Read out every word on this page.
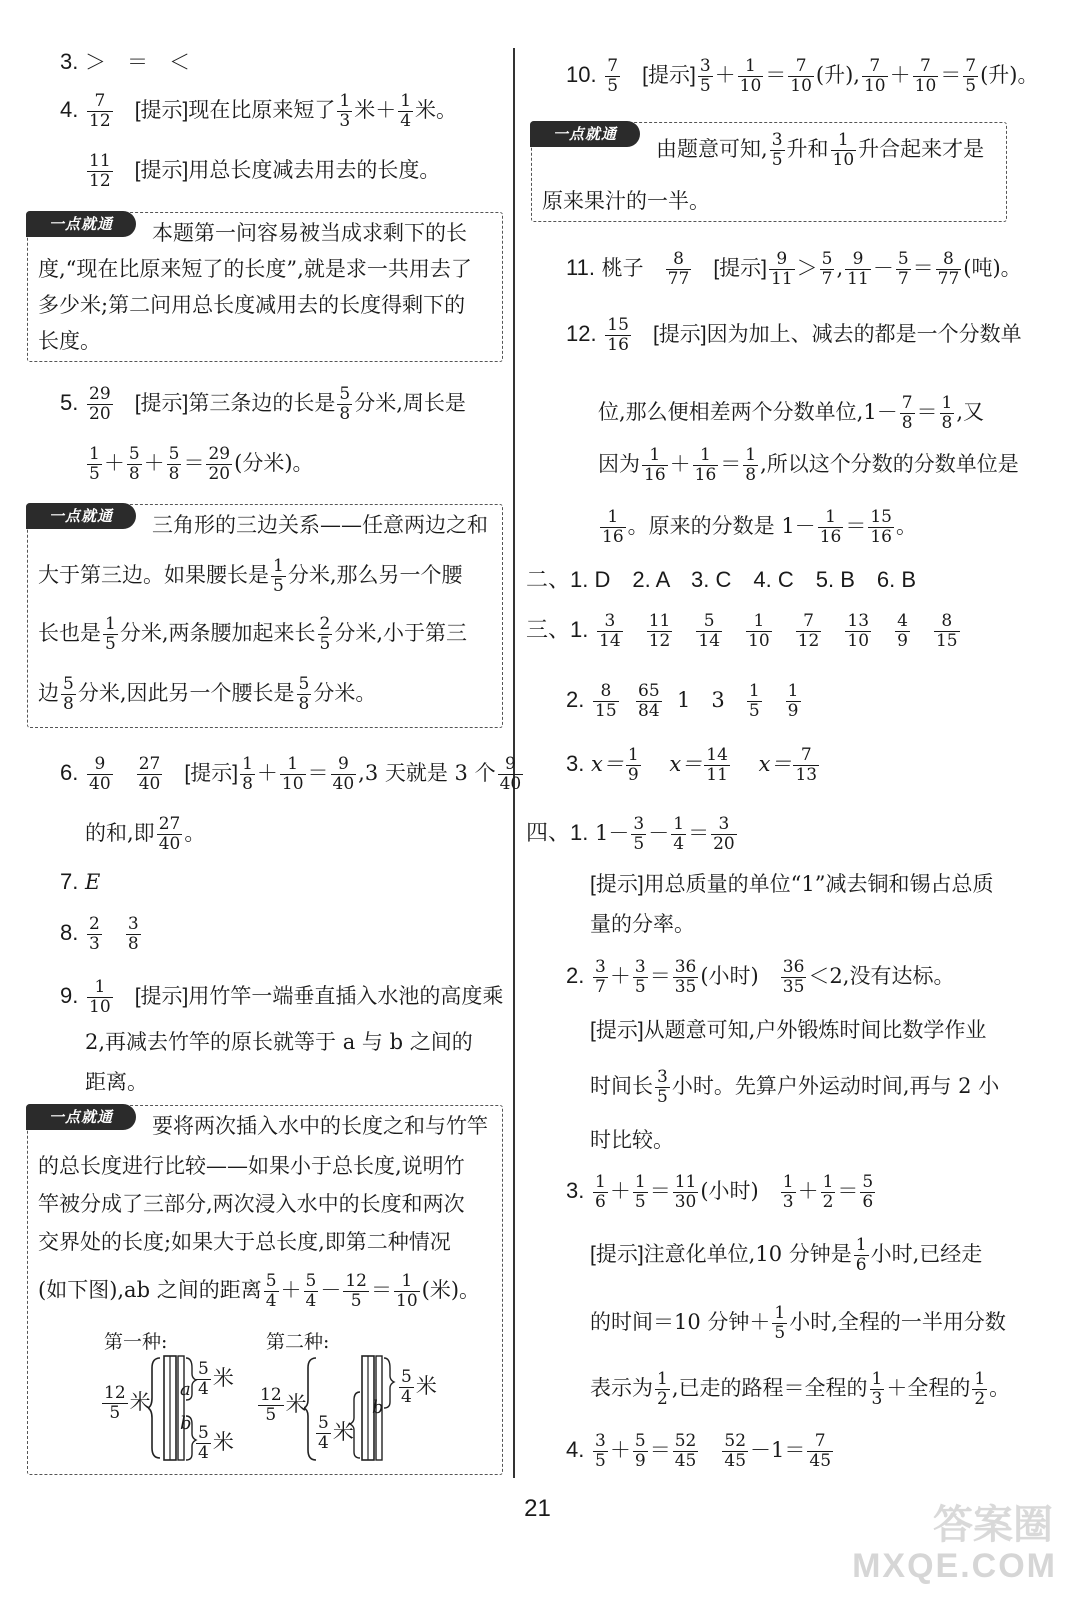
3. ＞　＝　＜
4. $\frac{7}{12}$ [提示]现在比原来短了 $\frac{1}{3}$ 米＋ $\frac{1}{4}$ 米。
$\frac{11}{12}$ [提示]用总长度减去用去的长度。
一点就通	本题第一问容易被当成求剩下的长
度,“现在比原来短了的长度”,就是求一共用去了
多少米;第二问用总长度减用去的长度得剩下的
长度。
5. $\frac{29}{20}$ [提示]第三条边的长是 $\frac{5}{8}$ 分米,周长是
$\frac{1}{5} + \frac{5}{8} + \frac{5}{8} = \frac{29}{20}$ (分米)。
一点就通	三角形的三边关系——任意两边之和
大于第三边。如果腰长是 $\frac{1}{5}$ 分米,那么另一个腰
长也是 $\frac{1}{5}$ 分米,两条腰加起来长 $\frac{2}{5}$ 分米,小于第三
边 $\frac{5}{8}$ 分米,因此另一个腰长是 $\frac{5}{8}$ 分米。
6. $\frac{9}{40}$
$\frac{27}{40}$ [提示] $\frac{1}{8} + \frac{1}{10} = \frac{9}{40} ,3$ 天就是 3 个 $\frac{9}{40}$
的和,即 $\frac{27}{40}$ 。
7. E
8. $\frac{2}{3}$
$\frac{3}{8}$
9. $\frac{1}{10}$ [提示]用竹竿一端垂直插入水池的高度乘
2,再减去竹竿的原长就等于 a 与 b 之间的
距离。
一点就通	要将两次插入水中的长度之和与竹竿
的总长度进行比较——如果小于总长度,说明竹
竿被分成了三部分,两次浸入水中的长度和两次
交界处的长度;如果大于总长度,即第二种情况
(如下图),ab 之间的距离 $\frac{5}{4} + \frac{5}{4} - \frac{12}{5} = \frac{1}{10}$ (米)。
第一种:	第二种:
$\frac{12}{5}$ 米
a
b
$\frac{5}{4}$ 米
$\frac{5}{4}$ 米
$\frac{12}{5}$ 米	b
$\frac{5}{4}$ 米
$\frac{5}{4}$ 米
10. $\frac{7}{5}$ [提示] $\frac{3}{5} + \frac{1}{10} = \frac{7}{10}$ (升), $\frac{7}{10} + \frac{7}{10} = \frac{7}{5}$ (升)。
一点就通
由题意可知, $\frac{3}{5}$ 升和 $\frac{1}{10}$ 升合起来才是
原来果汁的一半。
11. 桃子 $\frac{8}{77}$ [提示] $\frac{9}{11} > \frac{5}{7}$ , $\frac{9}{11} - \frac{5}{7} = \frac{8}{77}$ (吨)。
12. $\frac{15}{16}$ [提示]因为加上、减去的都是一个分数单
位,那么便相差两个分数单位$,1- \frac{7}{8} = \frac{1}{8}$ ,又
因为 $\frac{1}{16} + \frac{1}{16} = \frac{1}{8}$ ,所以这个分数的分数单位是
$\frac{1}{16}$ 。原来的分数是 $1- \frac{1}{16} = \frac{15}{16}$ 。
二、1. D　2. A　3. C　4. C　5. B　6. B
三、1. $\frac{3}{14}$
$\frac{11}{12}$
$\frac{5}{14}$
$\frac{1}{10}$
$\frac{7}{12}$
$\frac{13}{10}$
$\frac{4}{9}$
$\frac{8}{15}$
2. $\frac{8}{15}$
$\frac{65}{84} 1$　$3 \frac{1}{5}$
$\frac{1}{9}$
3. $x= \frac{1}{9} x= \frac{14}{11} x= \frac{7}{13}$
四、1. $1- \frac{3}{5} - \frac{1}{4} = \frac{3}{20}$
[提示]用总质量的单位“1”减去铜和锡占总质
量的分率。
2. $\frac{3}{7} + \frac{3}{5} = \frac{36}{35}$ (小时) $\frac{36}{35} <2$,没有达标。
[提示]从题意可知,户外锻炼时间比数学作业
时间长 $\frac{3}{5}$ 小时。先算户外运动时间,再与 2 小
时比较。
3. $\frac{1}{6} + \frac{1}{5} = \frac{11}{30}$ (小时) $\frac{1}{3} + \frac{1}{2} = \frac{5}{6}$
[提示]注意化单位,10 分钟是 $\frac{1}{6}$ 小时,已经走
的时间＝10 分钟＋ $\frac{1}{5}$ 小时,全程的一半用分数
表示为 $\frac{1}{2}$ ,已走的路程＝全程的 $\frac{1}{3}$ ＋全程的 $\frac{1}{2}$ 。
4. $\frac{3}{5} + \frac{5}{9} = \frac{52}{45}$
$\frac{52}{45} -1= \frac{7}{45}$
21	答案圈
MXQE.COM
